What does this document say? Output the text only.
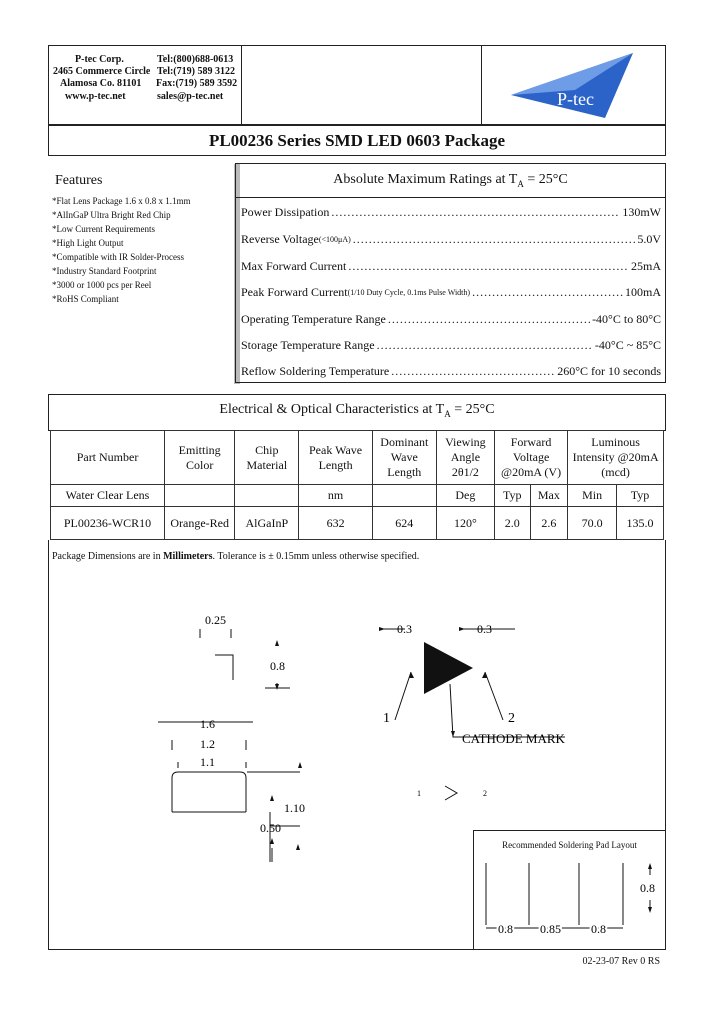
P-tec Corp.
2465 Commerce Circle
Alamosa Co. 81101
www.p-tec.net
Tel:(800)688-0613
Tel:(719) 589 3122
Fax:(719) 589 3592
sales@p-tec.net	P-tec
PL00236 Series SMD LED 0603 Package
Features
*Flat Lens Package 1.6 x 0.8 x 1.1mm
*AlInGaP Ultra Bright Red Chip
*Low Current Requirements
*High Light Output
*Compatible with IR Solder-Process
*Industry Standard Footprint
*3000 or 1000 pcs per Reel
*RoHS Compliant
Absolute Maximum Ratings at $T_A = 25^\circ C$
Power Dissipation .....	130mW
Reverse Voltage (<100μA) .....	5.0V
Max Forward Current .....	25mA
Peak Forward Current (1/10 Duty Cycle, 0.1ms Pulse Width) .....	100mA
Operating Temperature Range .....	-40°C to 80°C
Storage Temperature Range .....	-40°C ~ 85°C
Reflow Soldering Temperature .....	260°C for 10 seconds
Electrical & Optical Characteristics at $T_A = 25^\circ C$
Part Number	Emitting Color	Chip Material	Peak Wave Length	Dominant Wave Length	Viewing Angle 2θ1/2	Forward Voltage @20mA (V)		Luminous Intensity @20mA (mcd)	
Water Clear Lens			nm		Deg	Typ	Max	Min	Typ
PL00236-WCR10	Orange-Red	AlGaInP	632	624	120°	2.0	2.6	70.0	135.0
Package Dimensions are in Millimeters. Tolerance is ± 0.15mm unless otherwise specified.
0.25
0.8
1.6
1.2
1.1
1.10
0.50
0.3	0.3
1	2
CATHODE MARK
1	2
Recommended Soldering Pad Layout
0.8
0.8 0.85	0.8
02-23-07 Rev 0 RS
